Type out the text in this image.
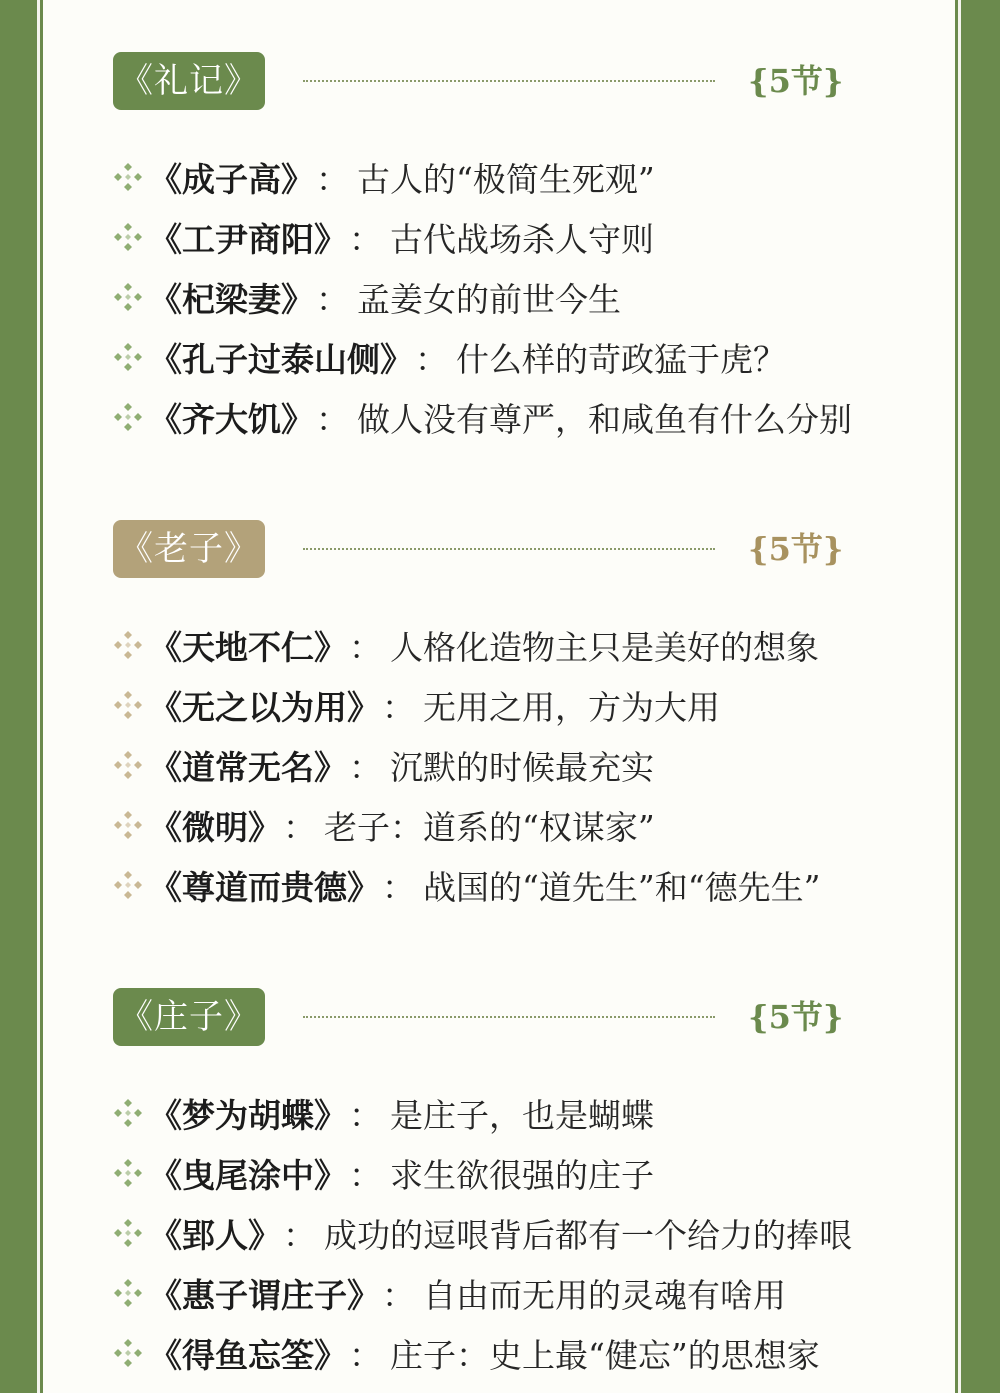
《礼记》	{5节}
《成子高》 ： 古人的“极简生死观”
《工尹商阳》 ： 古代战场杀人守则
《杞梁妻》 ： 孟姜女的前世今生
《孔子过泰山侧》 ： 什么样的苛政猛于虎？
《齐大饥》 ： 做人没有尊严，和咸鱼有什么分别
《老子》	{5节}
《天地不仁》 ： 人格化造物主只是美好的想象
《无之以为用》 ： 无用之用，方为大用
《道常无名》 ： 沉默的时候最充实
《微明》 ： 老子：道系的“权谋家”
《尊道而贵德》 ： 战国的“道先生”和“德先生”
《庄子》	{5节}
《梦为胡蝶》 ： 是庄子，也是蝴蝶
《曳尾涂中》 ： 求生欲很强的庄子
《郢人》 ： 成功的逗哏背后都有一个给力的捧哏
《惠子谓庄子》 ： 自由而无用的灵魂有啥用
《得鱼忘筌》 ： 庄子：史上最“健忘”的思想家
